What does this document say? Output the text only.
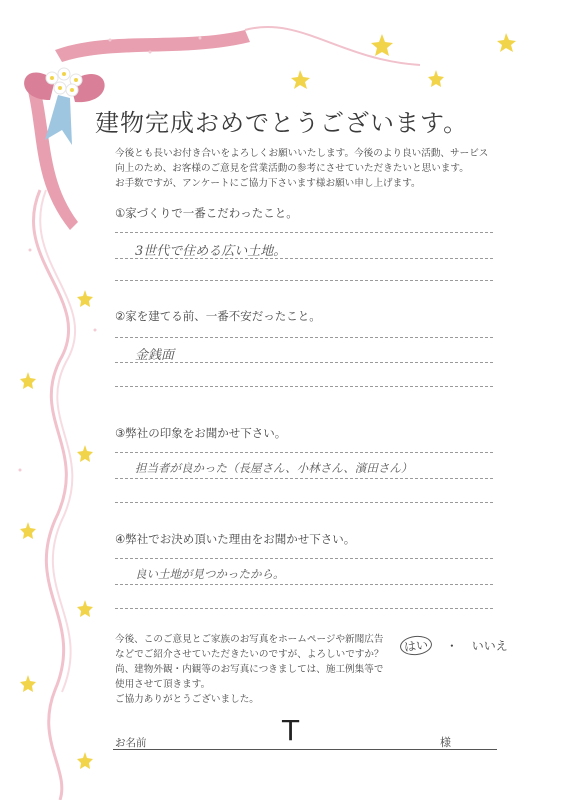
建物完成おめでとうございます。
今後とも長いお付き合いをよろしくお願いいたします。今後のより良い活動、サービス
向上のため、お客様のご意見を営業活動の参考にさせていただきたいと思います。
お手数ですが、アンケートにご協力下さいます様お願い申し上げます。
①家づくりで一番こだわったこと。
3世代で住める広い土地。
②家を建てる前、一番不安だったこと。
金銭面
③弊社の印象をお聞かせ下さい。
担当者が良かった（長屋さん、小林さん、濱田さん）
④弊社でお決め頂いた理由をお聞かせ下さい。
良い土地が見つかったから。
今後、このご意見とご家族のお写真をホームページや新聞広告
などでご紹介させていただきたいのですが、よろしいですか？
尚、建物外観・内観等のお写真につきましては、施工例集等で
使用させて頂きます。
ご協力ありがとうございました。
はい ・ いいえ
お名前	T	様
